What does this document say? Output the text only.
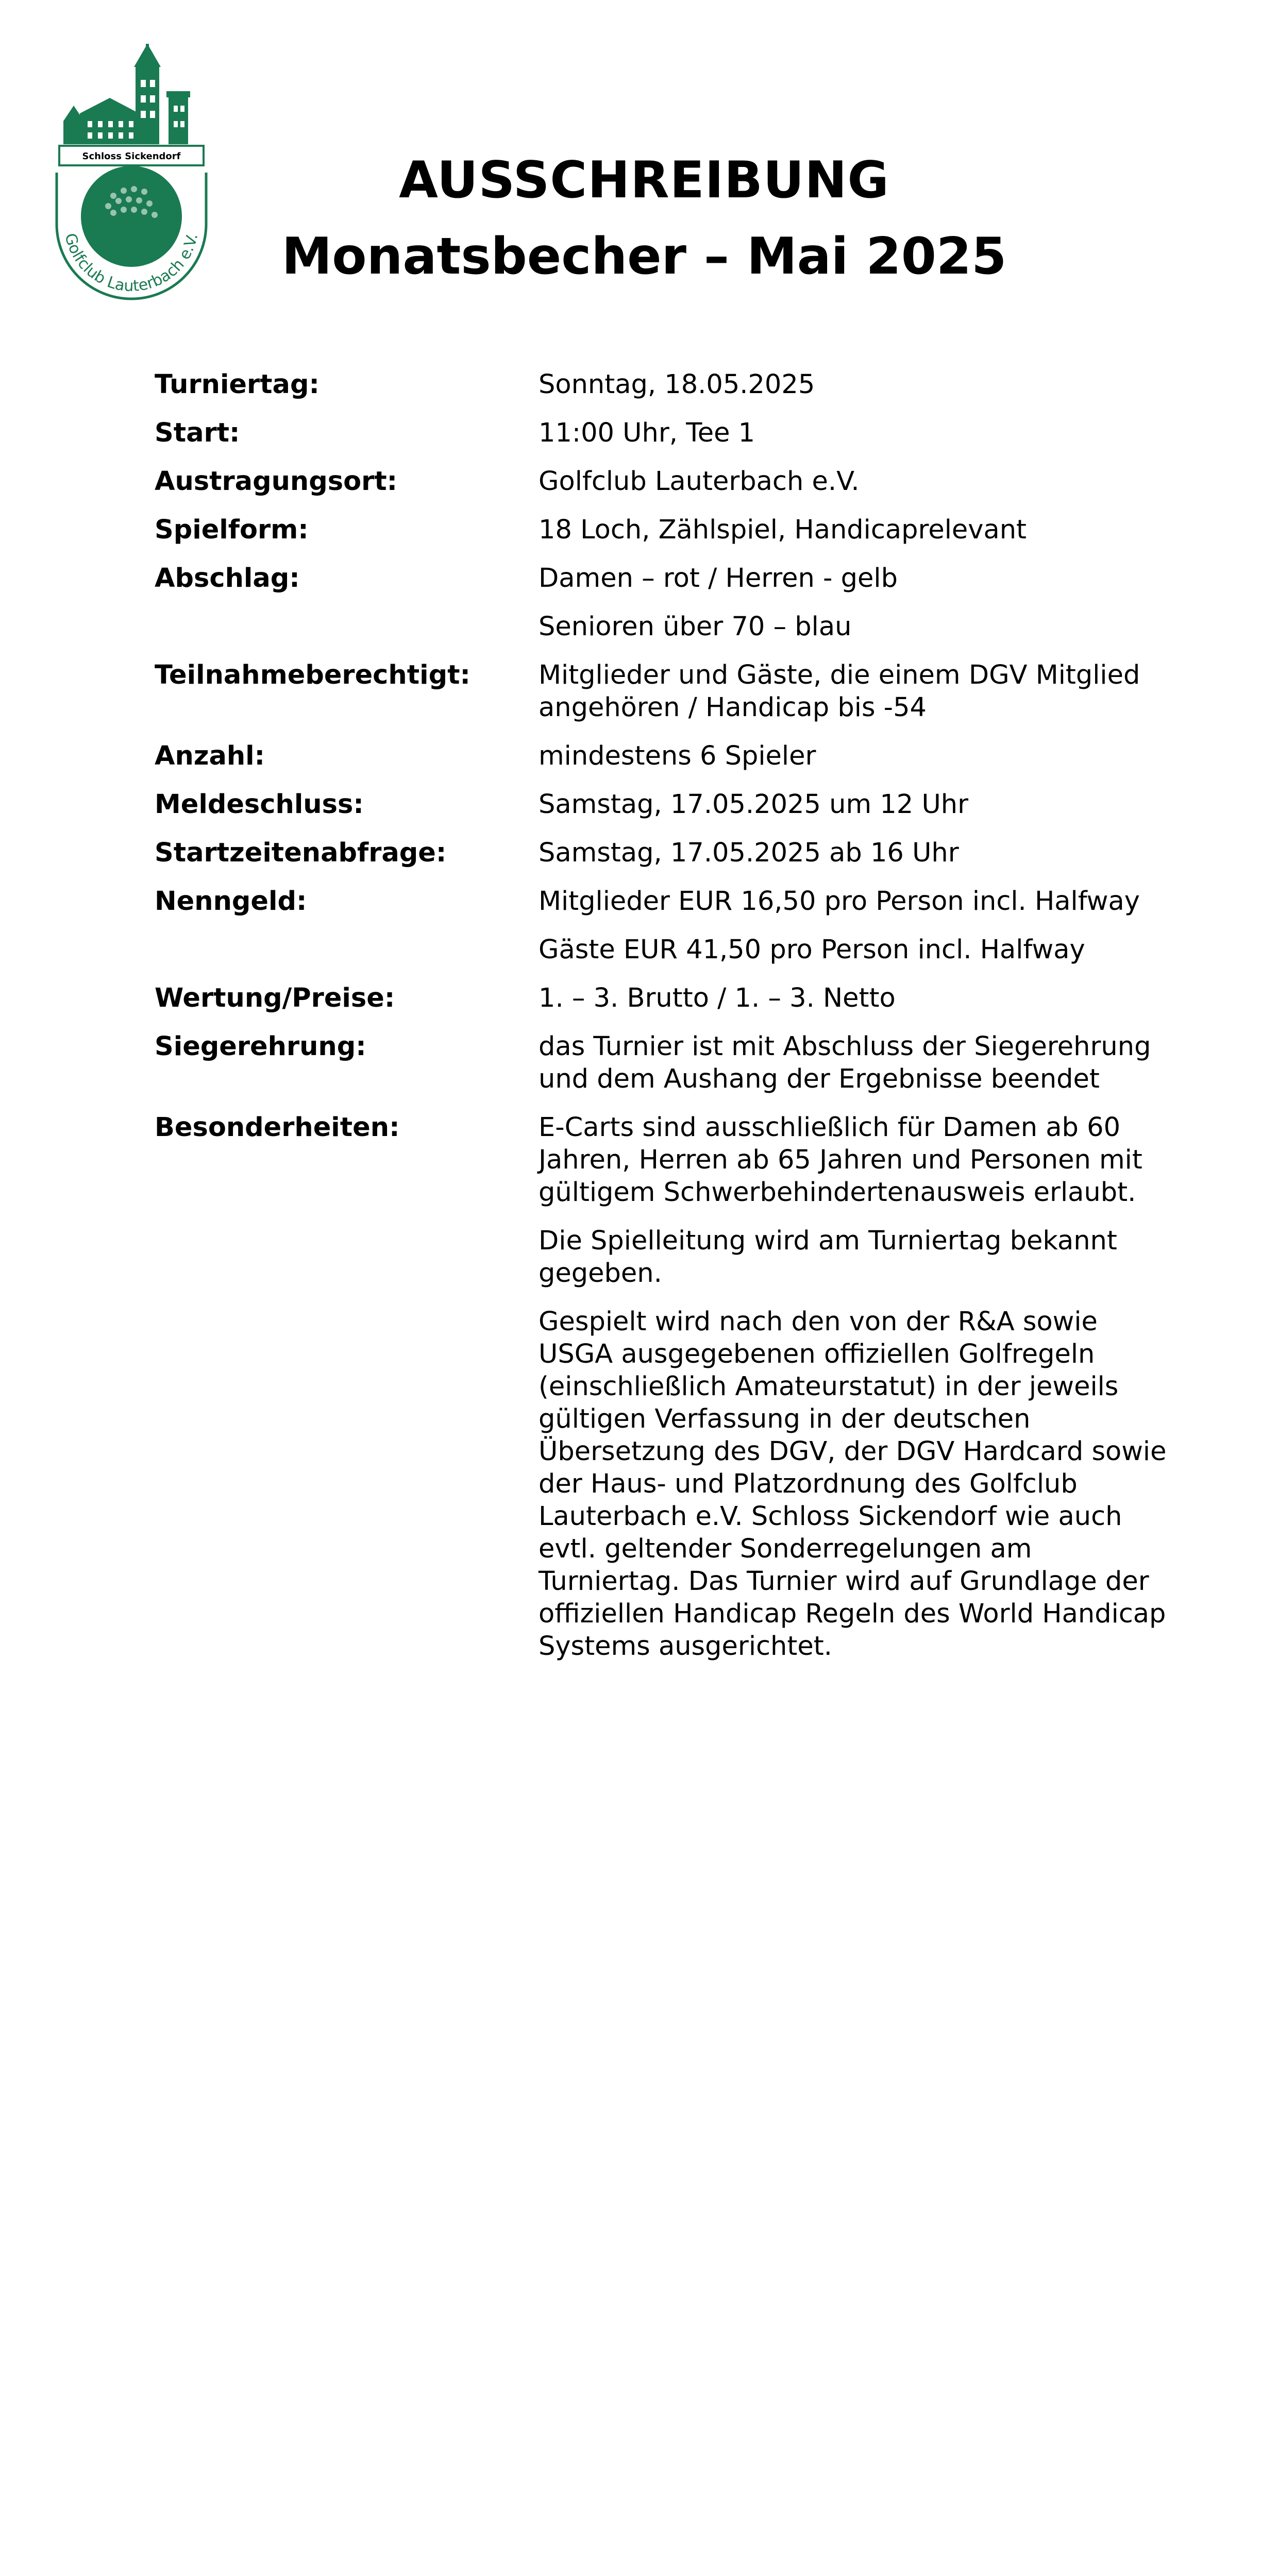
Schloss Sickendorf
Golfclub Lauterbach e.V.
AUSSCHREIBUNG
Monatsbecher – Mai 2025
Turniertag:	Sonntag, 18.05.2025
Start:	11:00 Uhr, Tee 1
Austragungsort:	Golfclub Lauterbach e.V.
Spielform:	18 Loch, Zählspiel, Handicaprelevant
Abschlag:	Damen – rot / Herren - gelb
Senioren über 70 – blau
Teilnahmeberechtigt:	Mitglieder und Gäste, die einem DGV Mitglied angehören / Handicap bis -54
Anzahl:	mindestens 6 Spieler
Meldeschluss:	Samstag, 17.05.2025 um 12 Uhr
Startzeitenabfrage:	Samstag, 17.05.2025 ab 16 Uhr
Nenngeld:	Mitglieder EUR 16,50 pro Person incl. Halfway
Gäste EUR 41,50 pro Person incl. Halfway
Wertung/Preise:	1. – 3. Brutto / 1. – 3. Netto
Siegerehrung:	das Turnier ist mit Abschluss der Siegerehrung und dem Aushang der Ergebnisse beendet
Besonderheiten:	E-Carts sind ausschließlich für Damen ab 60 Jahren, Herren ab 65 Jahren und Personen mit gültigem Schwerbehindertenausweis erlaubt.
Die Spielleitung wird am Turniertag bekannt gegeben.
Gespielt wird nach den von der R&A sowie USGA ausgegebenen offiziellen Golfregeln (einschließlich Amateurstatut) in der jeweils gültigen Verfassung in der deutschen Übersetzung des DGV, der DGV Hardcard sowie der Haus- und Platzordnung des Golfclub Lauterbach e.V. Schloss Sickendorf wie auch evtl. geltender Sonderregelungen am Turniertag. Das Turnier wird auf Grundlage der offiziellen Handicap Regeln des World Handicap Systems ausgerichtet.
